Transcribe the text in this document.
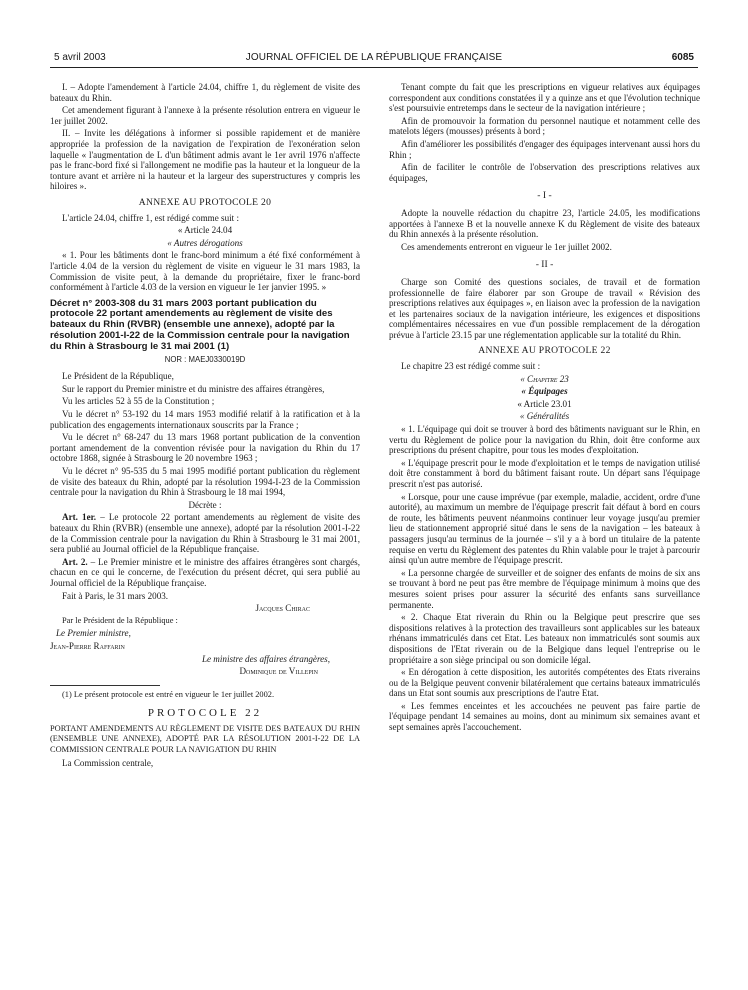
5 avril 2003	JOURNAL OFFICIEL DE LA RÉPUBLIQUE FRANÇAISE	6085

I. – Adopte l'amendement à l'article 24.04, chiffre 1, du règlement de visite des bateaux du Rhin.

Cet amendement figurant à l'annexe à la présente résolution entrera en vigueur le 1er juillet 2002.

II. – Invite les délégations à informer si possible rapidement et de manière appropriée la profession de la navigation de l'expiration de l'exonération selon laquelle « l'augmentation de L d'un bâtiment admis avant le 1er avril 1976 n'affecte pas le franc-bord fixé si l'allongement ne modifie pas la hauteur et la longueur de la tonture avant et arrière ni la hauteur et la largeur des superstructures y compris les hiloires ».

ANNEXE AU PROTOCOLE 20

L'article 24.04, chiffre 1, est rédigé comme suit :

« Article 24.04

« Autres dérogations

« 1. Pour les bâtiments dont le franc-bord minimum a été fixé conformément à l'article 4.04 de la version du règlement de visite en vigueur le 31 mars 1983, la Commission de visite peut, à la demande du propriétaire, fixer le franc-bord conformément à l'article 4.03 de la version en vigueur le 1er janvier 1995. »

Décret n° 2003-308 du 31 mars 2003 portant publication du protocole 22 portant amendements au règlement de visite des bateaux du Rhin (RVBR) (ensemble une annexe), adopté par la résolution 2001-I-22 de la Commission centrale pour la navigation du Rhin à Strasbourg le 31 mai 2001 (1)

NOR : MAEJ0330019D

Le Président de la République,

Sur le rapport du Premier ministre et du ministre des affaires étrangères,

Vu les articles 52 à 55 de la Constitution ;

Vu le décret n° 53-192 du 14 mars 1953 modifié relatif à la ratification et à la publication des engagements internationaux souscrits par la France ;

Vu le décret n° 68-247 du 13 mars 1968 portant publication de la convention portant amendement de la convention révisée pour la navigation du Rhin du 17 octobre 1868, signée à Strasbourg le 20 novembre 1963 ;

Vu le décret n° 95-535 du 5 mai 1995 modifié portant publication du règlement de visite des bateaux du Rhin, adopté par la résolution 1994-I-23 de la Commission centrale pour la navigation du Rhin à Strasbourg le 18 mai 1994,

Décrète :

Art. 1er. – Le protocole 22 portant amendements au règlement de visite des bateaux du Rhin (RVBR) (ensemble une annexe), adopté par la résolution 2001-I-22 de la Commission centrale pour la navigation du Rhin à Strasbourg le 31 mai 2001, sera publié au Journal officiel de la République française.

Art. 2. – Le Premier ministre et le ministre des affaires étrangères sont chargés, chacun en ce qui le concerne, de l'exécution du présent décret, qui sera publié au Journal officiel de la République française.

Fait à Paris, le 31 mars 2003.

Jacques Chirac

Par le Président de la République :

Le Premier ministre,

Jean-Pierre Raffarin

Le ministre des affaires étrangères,

Dominique de Villepin

(1) Le présent protocole est entré en vigueur le 1er juillet 2002.

PROTOCOLE 22

PORTANT AMENDEMENTS AU RÈGLEMENT DE VISITE DES BATEAUX DU RHIN (ENSEMBLE UNE ANNEXE), ADOPTÉ PAR LA RÉSOLUTION 2001-I-22 DE LA COMMISSION CENTRALE POUR LA NAVIGATION DU RHIN

La Commission centrale,

Tenant compte du fait que les prescriptions en vigueur relatives aux équipages correspondent aux conditions constatées il y a quinze ans et que l'évolution technique s'est poursuivie entretemps dans le secteur de la navigation intérieure ;

Afin de promouvoir la formation du personnel nautique et notamment celle des matelots légers (mousses) présents à bord ;

Afin d'améliorer les possibilités d'engager des équipages intervenant aussi hors du Rhin ;

Afin de faciliter le contrôle de l'observation des prescriptions relatives aux équipages,

- I -

Adopte la nouvelle rédaction du chapitre 23, l'article 24.05, les modifications apportées à l'annexe B et la nouvelle annexe K du Règlement de visite des bateaux du Rhin annexés à la présente résolution.

Ces amendements entreront en vigueur le 1er juillet 2002.

- II -

Charge son Comité des questions sociales, de travail et de formation professionnelle de faire élaborer par son Groupe de travail « Révision des prescriptions relatives aux équipages », en liaison avec la profession de la navigation et les partenaires sociaux de la navigation intérieure, les exigences et dispositions complémentaires nécessaires en vue d'un possible remplacement de la dérogation prévue à l'article 23.15 par une réglementation applicable sur la totalité du Rhin.

ANNEXE AU PROTOCOLE 22

Le chapitre 23 est rédigé comme suit :

« Chapitre 23

« Équipages

« Article 23.01

« Généralités

« 1. L'équipage qui doit se trouver à bord des bâtiments naviguant sur le Rhin, en vertu du Règlement de police pour la navigation du Rhin, doit être conforme aux prescriptions du présent chapitre, pour tous les modes d'exploitation.

« L'équipage prescrit pour le mode d'exploitation et le temps de navigation utilisé doit être constamment à bord du bâtiment faisant route. Un départ sans l'équipage prescrit n'est pas autorisé.

« Lorsque, pour une cause imprévue (par exemple, maladie, accident, ordre d'une autorité), au maximum un membre de l'équipage prescrit fait défaut à bord en cours de route, les bâtiments peuvent néanmoins continuer leur voyage jusqu'au premier lieu de stationnement approprié situé dans le sens de la navigation – les bateaux à passagers jusqu'au terminus de la journée – s'il y a à bord un titulaire de la patente requise en vertu du Règlement des patentes du Rhin valable pour le trajet à parcourir ainsi qu'un autre membre de l'équipage prescrit.

« La personne chargée de surveiller et de soigner des enfants de moins de six ans se trouvant à bord ne peut pas être membre de l'équipage minimum à moins que des mesures soient prises pour assurer la sécurité des enfants sans surveillance permanente.

« 2. Chaque Etat riverain du Rhin ou la Belgique peut prescrire que ses dispositions relatives à la protection des travailleurs sont applicables sur les bateaux rhénans immatriculés dans cet Etat. Les bateaux non immatriculés sont soumis aux dispositions de l'Etat riverain ou de la Belgique dans lequel l'entreprise ou le propriétaire a son siège principal ou son domicile légal.

« En dérogation à cette disposition, les autorités compétentes des Etats riverains ou de la Belgique peuvent convenir bilatéralement que certains bateaux immatriculés dans un Etat sont soumis aux prescriptions de l'autre Etat.

« Les femmes enceintes et les accouchées ne peuvent pas faire partie de l'équipage pendant 14 semaines au moins, dont au minimum six semaines avant et sept semaines après l'accouchement.
